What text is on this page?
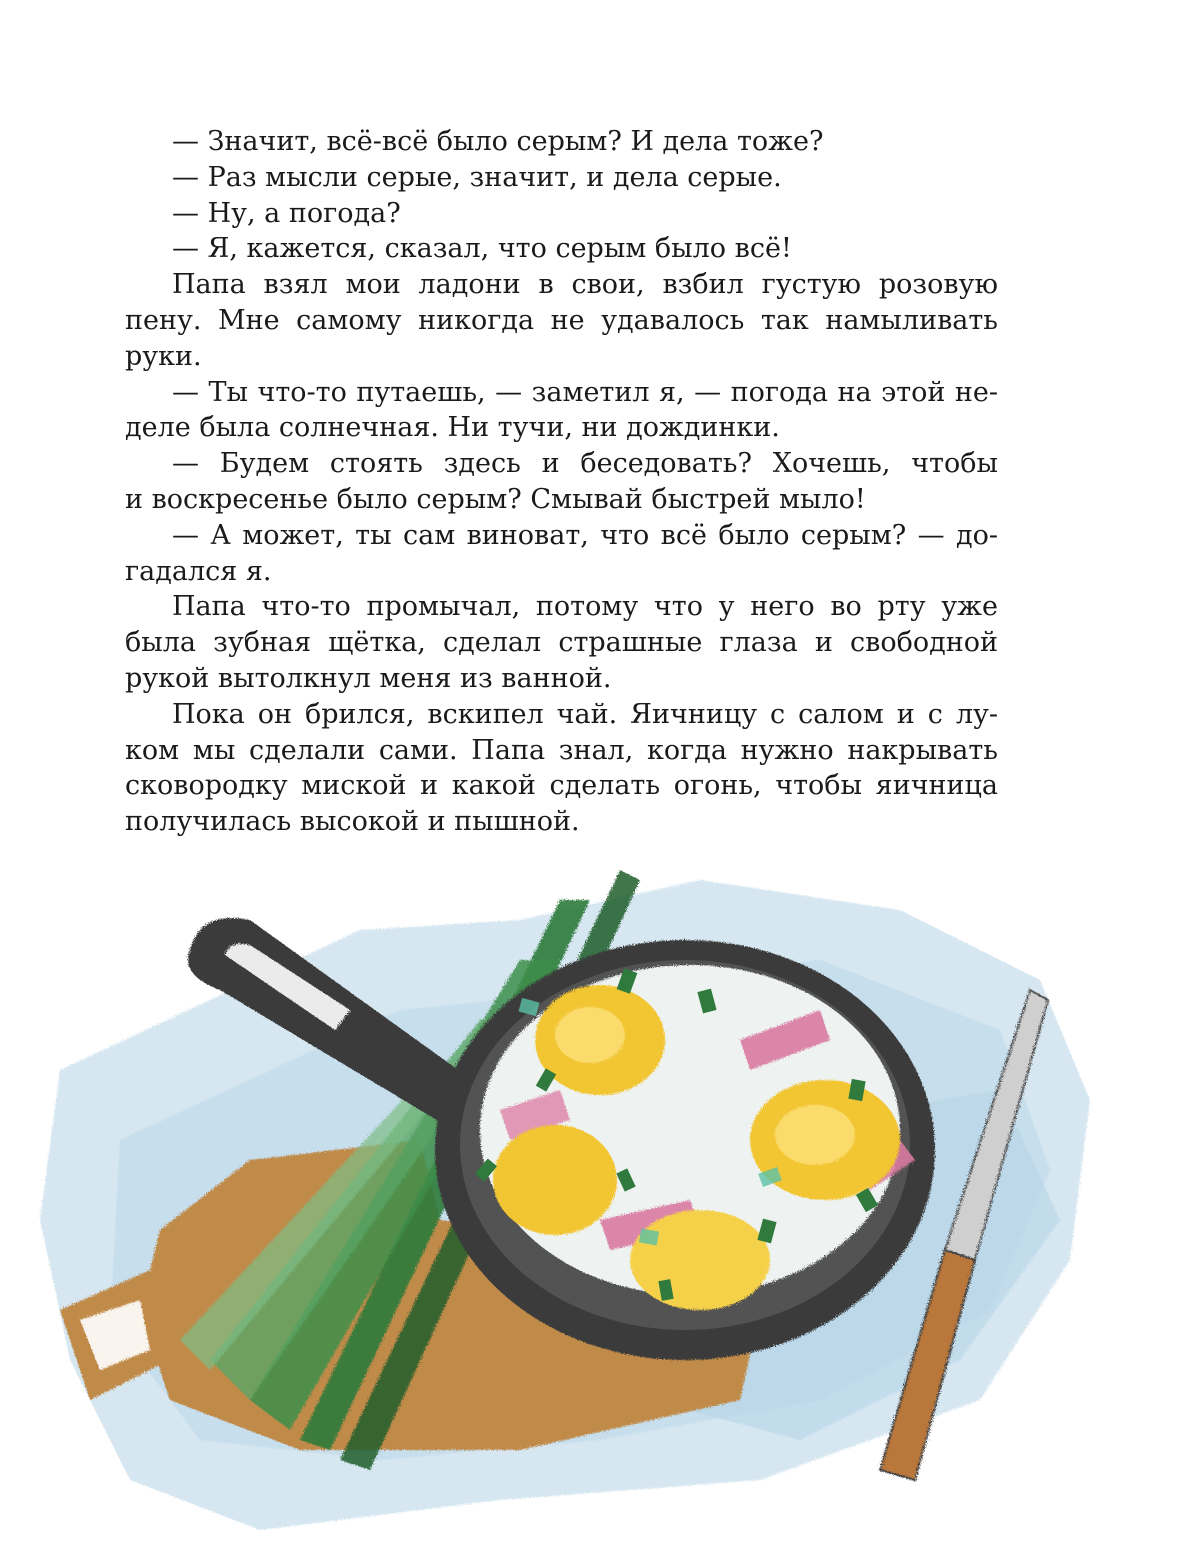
— Значит, всё-всё было серым? И дела тоже?
— Раз мысли серые, значит, и дела серые.
— Ну, а погода?
— Я, кажется, сказал, что серым было всё!
Папа взял мои ладони в свои, взбил густую розовую
пену. Мне самому никогда не удавалось так намыливать
руки.
— Ты что-то путаешь, — заметил я, — погода на этой не-
деле была солнечная. Ни тучи, ни дождинки.
— Будем стоять здесь и беседовать? Хочешь, чтобы
и воскресенье было серым? Смывай быстрей мыло!
— А может, ты сам виноват, что всё было серым? — до-
гадался я.
Папа что-то промычал, потому что у него во рту уже
была зубная щётка, сделал страшные глаза и свободной
рукой вытолкнул меня из ванной.
Пока он брился, вскипел чай. Яичницу с салом и с лу-
ком мы сделали сами. Папа знал, когда нужно накрывать
сковородку миской и какой сделать огонь, чтобы яичница
получилась высокой и пышной.
